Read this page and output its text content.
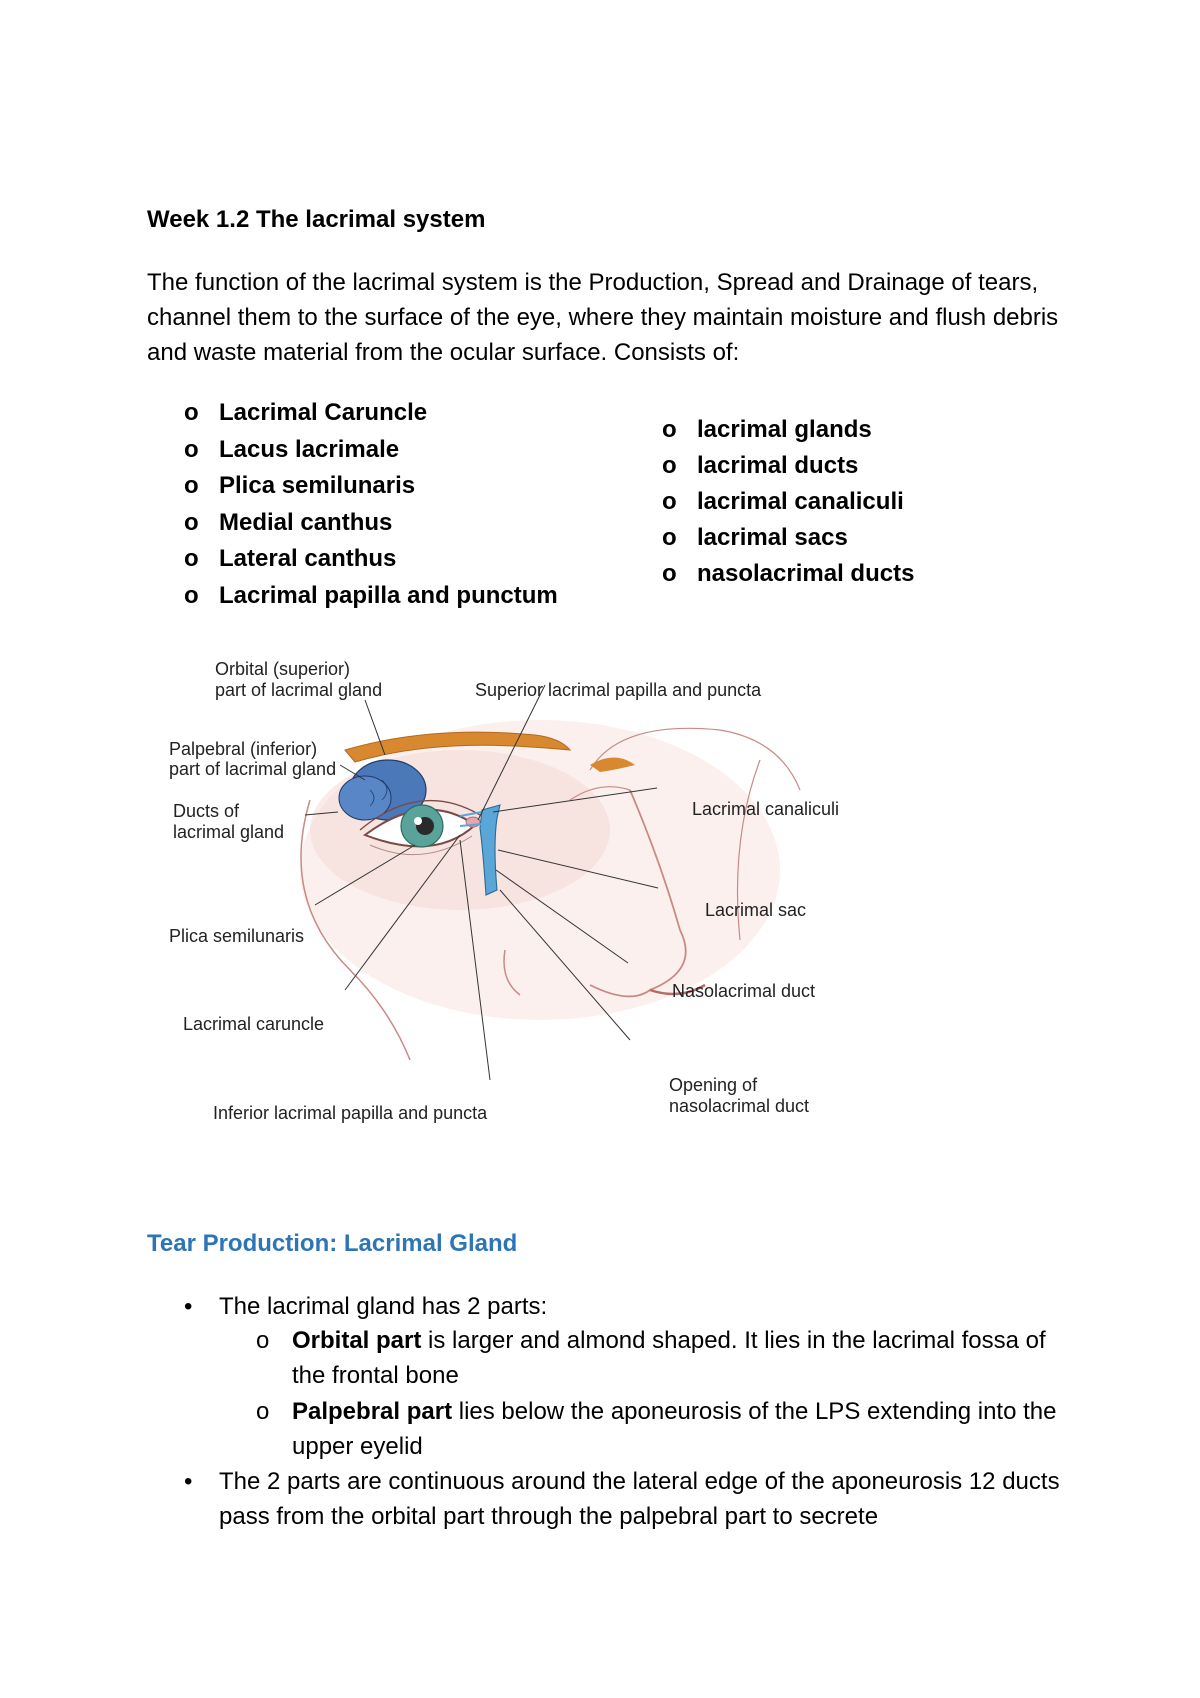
Week 1.2 The lacrimal system
The function of the lacrimal system is the Production, Spread and Drainage of tears, channel them to the surface of the eye, where they maintain moisture and flush debris and waste material from the ocular surface. Consists of:
o Lacrimal Caruncle
o Lacus lacrimale
o Plica semilunaris
o Medial canthus
o Lateral canthus
o Lacrimal papilla and punctum
o lacrimal glands
o lacrimal ducts
o lacrimal canaliculi
o lacrimal sacs
o nasolacrimal ducts
Orbital (superior)
part of lacrimal gland
Palpebral (inferior)
part of lacrimal gland
Ducts of
lacrimal gland
Plica semilunaris
Lacrimal caruncle
Inferior lacrimal papilla and puncta
Superior lacrimal papilla and puncta
Lacrimal canaliculi
Lacrimal sac
Nasolacrimal duct
Opening of
nasolacrimal duct
Tear Production: Lacrimal Gland
• The lacrimal gland has 2 parts:
o Orbital part is larger and almond shaped. It lies in the lacrimal fossa of the frontal bone
o Palpebral part lies below the aponeurosis of the LPS extending into the upper eyelid
• The 2 parts are continuous around the lateral edge of the aponeurosis 12 ducts pass from the orbital part through the palpebral part to secrete
